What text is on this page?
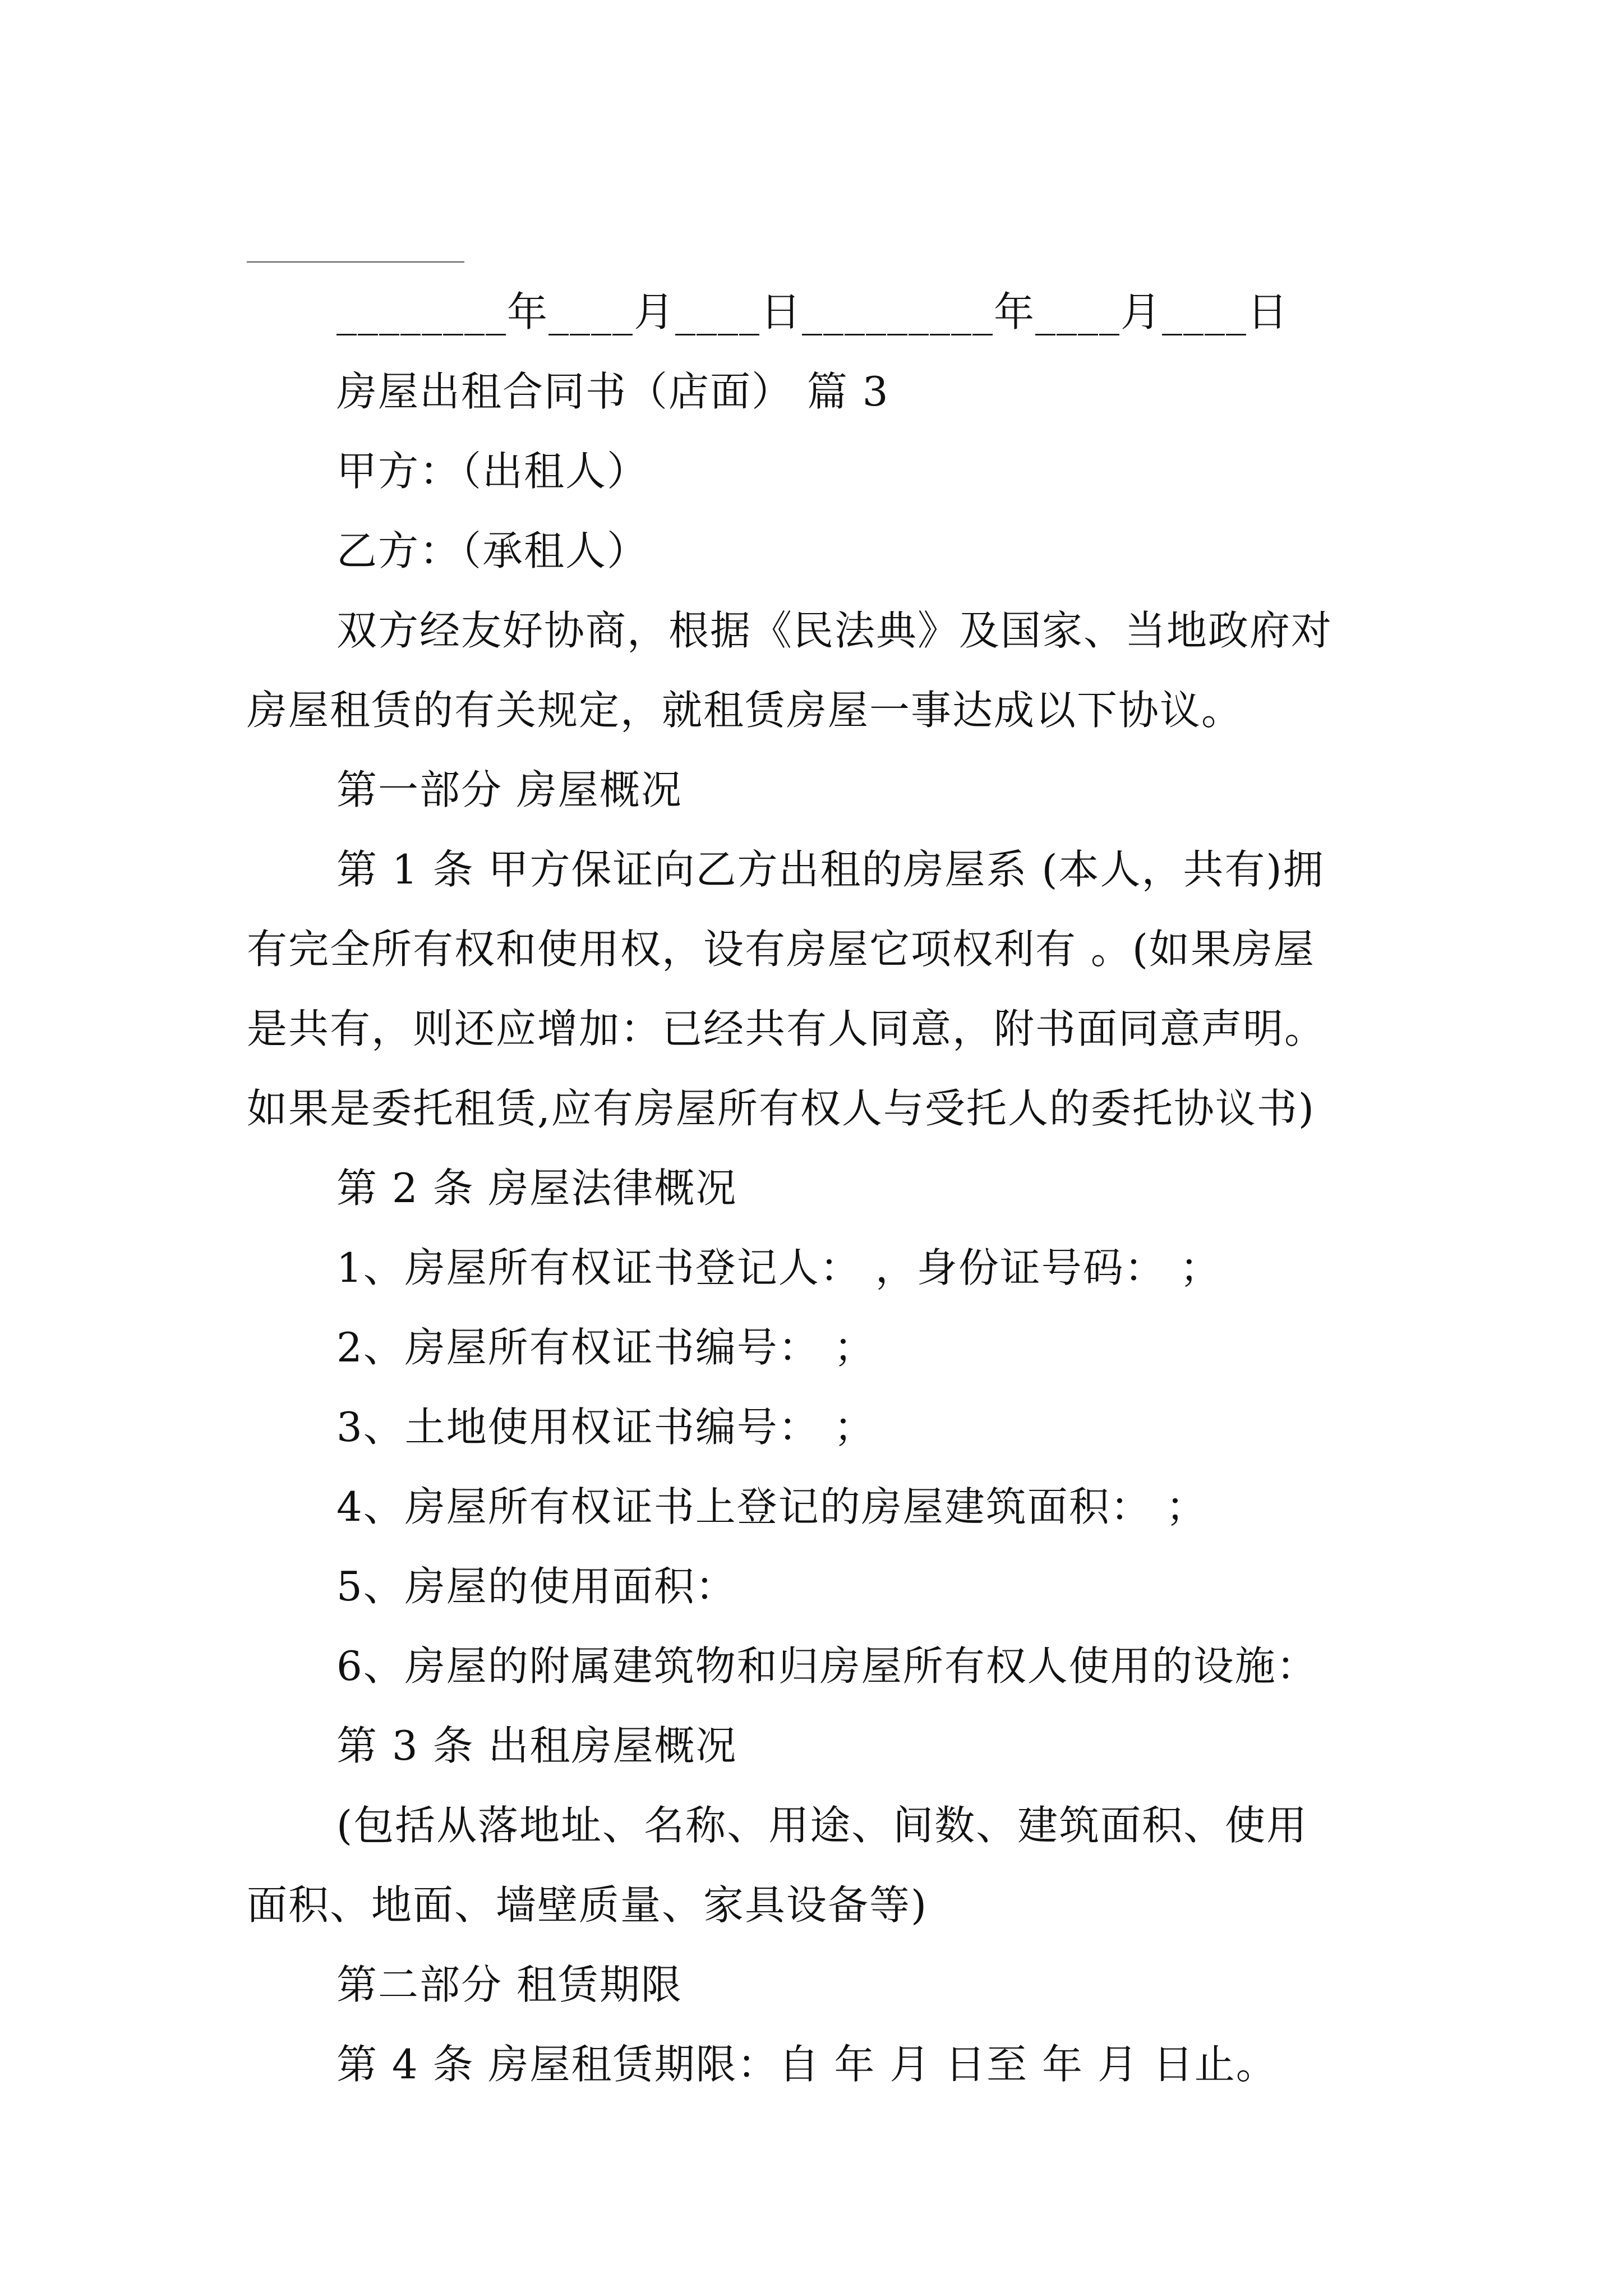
________年____月____日_________年____月____日
房屋出租合同书（店面） 篇 3
甲方：（出租人）
乙方：（承租人）
双方经友好协商，根据《民法典》及国家、当地政府对
房屋租赁的有关规定，就租赁房屋一事达成以下协议。
第一部分 房屋概况
第 1 条 甲方保证向乙方出租的房屋系 (本人，共有)拥
有完全所有权和使用权，设有房屋它项权利有 。(如果房屋
是共有，则还应增加：已经共有人同意，附书面同意声明。
如果是委托租赁,应有房屋所有权人与受托人的委托协议书)
第 2 条 房屋法律概况
1、房屋所有权证书登记人： ，身份证号码： ；
2、房屋所有权证书编号： ；
3、土地使用权证书编号： ；
4、房屋所有权证书上登记的房屋建筑面积： ；
5、房屋的使用面积：
6、房屋的附属建筑物和归房屋所有权人使用的设施：
第 3 条 出租房屋概况
(包括从落地址、名称、用途、间数、建筑面积、使用
面积、地面、墙壁质量、家具设备等)
第二部分 租赁期限
第 4 条 房屋租赁期限：自 年 月 日至 年 月 日止。
